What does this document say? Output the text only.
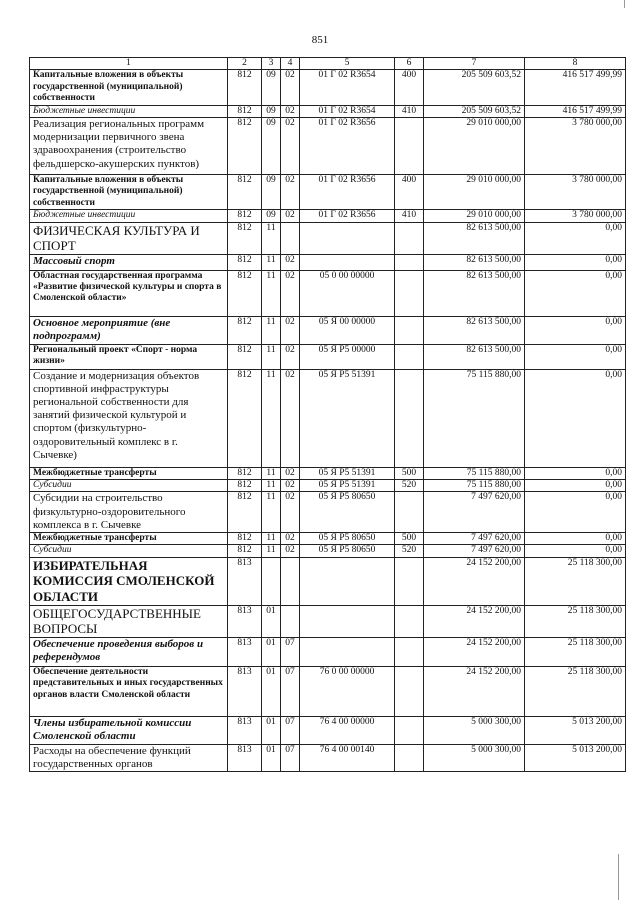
851
1	2	3	4	5	6	7	8
Капитальные вложения в объекты государственной (муниципальной) собственности	812	09	02	01 Г 02 R3654	400	205 509 603,52	416 517 499,99
Бюджетные инвестиции	812	09	02	01 Г 02 R3654	410	205 509 603,52	416 517 499,99
Реализация региональных программ модернизации первичного звена здравоохранения (строительство фельдшерско-акушерских пунктов)	812	09	02	01 Г 02 R3656		29 010 000,00	3 780 000,00
Капитальные вложения в объекты государственной (муниципальной) собственности	812	09	02	01 Г 02 R3656	400	29 010 000,00	3 780 000,00
Бюджетные инвестиции	812	09	02	01 Г 02 R3656	410	29 010 000,00	3 780 000,00
ФИЗИЧЕСКАЯ КУЛЬТУРА И СПОРТ	812	11				82 613 500,00	0,00
Массовый спорт	812	11	02			82 613 500,00	0,00
Областная государственная программа «Развитие физической культуры и спорта в Смоленской области»	812	11	02	05 0 00 00000		82 613 500,00	0,00
Основное мероприятие (вне подпрограмм)	812	11	02	05 Я 00 00000		82 613 500,00	0,00
Региональный проект «Спорт - норма жизни»	812	11	02	05 Я P5 00000		82 613 500,00	0,00
Создание и модернизация объектов спортивной инфраструктуры региональной собственности для занятий физической культурой и спортом (физкультурно-оздоровительный комплекс в г. Сычевке)	812	11	02	05 Я P5 51391		75 115 880,00	0,00
Межбюджетные трансферты	812	11	02	05 Я P5 51391	500	75 115 880,00	0,00
Субсидии	812	11	02	05 Я P5 51391	520	75 115 880,00	0,00
Субсидии на строительство физкультурно-оздоровительного комплекса в г. Сычевке	812	11	02	05 Я P5 80650		7 497 620,00	0,00
Межбюджетные трансферты	812	11	02	05 Я P5 80650	500	7 497 620,00	0,00
Субсидии	812	11	02	05 Я P5 80650	520	7 497 620,00	0,00
ИЗБИРАТЕЛЬНАЯ КОМИССИЯ СМОЛЕНСКОЙ ОБЛАСТИ	813					24 152 200,00	25 118 300,00
ОБЩЕГОСУДАРСТВЕННЫЕ ВОПРОСЫ	813	01				24 152 200,00	25 118 300,00
Обеспечение проведения выборов и референдумов	813	01	07			24 152 200,00	25 118 300,00
Обеспечение деятельности представительных и иных государственных органов власти Смоленской области	813	01	07	76 0 00 00000		24 152 200,00	25 118 300,00
Члены избирательной комиссии Смоленской области	813	01	07	76 4 00 00000		5 000 300,00	5 013 200,00
Расходы на обеспечение функций государственных органов	813	01	07	76 4 00 00140		5 000 300,00	5 013 200,00
